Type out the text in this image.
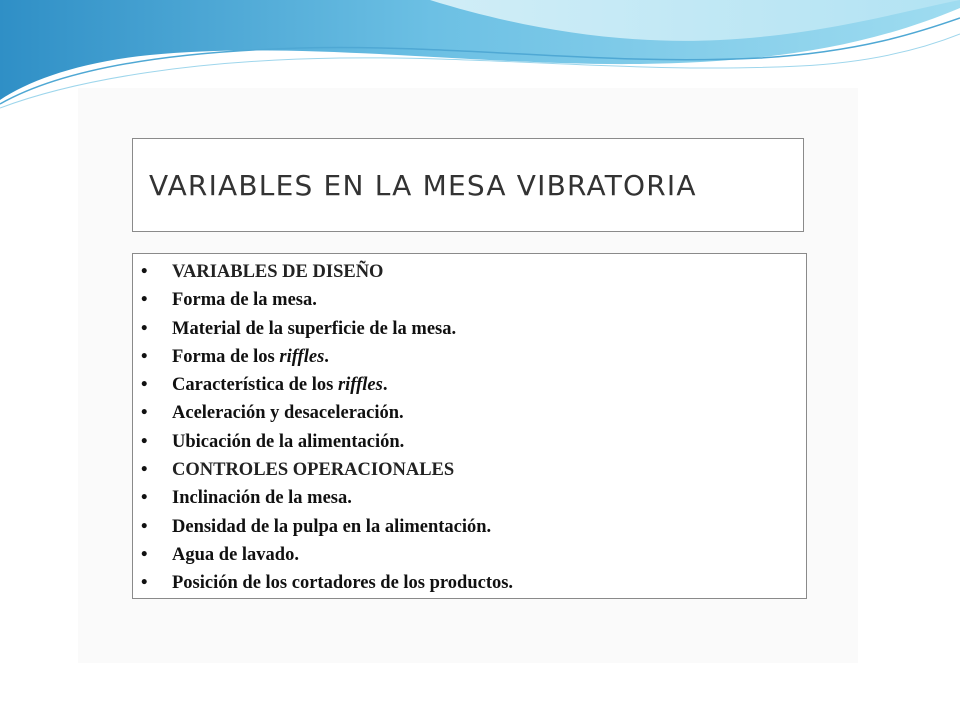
VARIABLES EN LA MESA VIBRATORIA
•	VARIABLES DE DISEÑO
•	Forma de la mesa.
•	Material de la superficie de la mesa.
•	Forma de los riffles.
•	Característica de los riffles.
•	Aceleración y desaceleración.
•	Ubicación de la alimentación.
•	CONTROLES OPERACIONALES
•	Inclinación de la mesa.
•	Densidad de la pulpa en la alimentación.
•	Agua de lavado.
•	Posición de los cortadores de los productos.
